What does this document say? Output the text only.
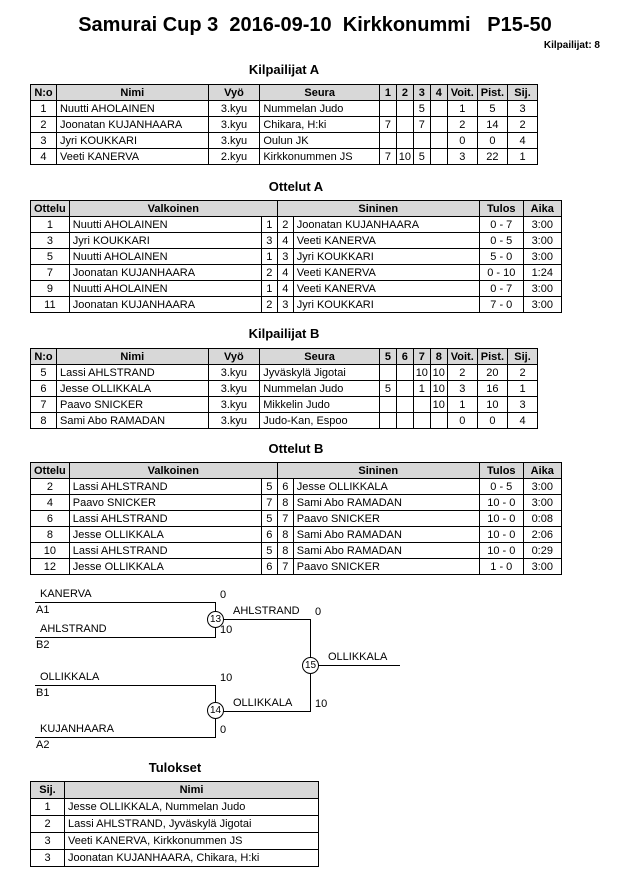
Samurai Cup 3  2016-09-10  Kirkkonummi   P15-50
Kilpailijat: 8
Kilpailijat A
N:o	Nimi	Vyö	Seura	1	2	3	4	Voit.	Pist.	Sij.
1	Nuutti AHOLAINEN	3.kyu	Nummelan Judo			5		1	5	3
2	Joonatan KUJANHAARA	3.kyu	Chikara, H:ki	7		7		2	14	2
3	Jyri KOUKKARI	3.kyu	Oulun JK					0	0	4
4	Veeti KANERVA	2.kyu	Kirkkonummen JS	7	10	5		3	22	1
Ottelut A
Ottelu	Valkoinen		Sininen		Tulos	Aika
1	Nuutti AHOLAINEN	1	2	Joonatan KUJANHAARA	0 - 7	3:00
3	Jyri KOUKKARI	3	4	Veeti KANERVA	0 - 5	3:00
5	Nuutti AHOLAINEN	1	3	Jyri KOUKKARI	5 - 0	3:00
7	Joonatan KUJANHAARA	2	4	Veeti KANERVA	0 - 10	1:24
9	Nuutti AHOLAINEN	1	4	Veeti KANERVA	0 - 7	3:00
11	Joonatan KUJANHAARA	2	3	Jyri KOUKKARI	7 - 0	3:00
Kilpailijat B
N:o	Nimi	Vyö	Seura	5	6	7	8	Voit.	Pist.	Sij.
5	Lassi AHLSTRAND	3.kyu	Jyväskylä Jigotai			10	10	2	20	2
6	Jesse OLLIKKALA	3.kyu	Nummelan Judo	5		1	10	3	16	1
7	Paavo SNICKER	3.kyu	Mikkelin Judo				10	1	10	3
8	Sami Abo RAMADAN	3.kyu	Judo-Kan, Espoo					0	0	4
Ottelut B
Ottelu	Valkoinen		Sininen		Tulos	Aika
2	Lassi AHLSTRAND	5	6	Jesse OLLIKKALA	0 - 5	3:00
4	Paavo SNICKER	7	8	Sami Abo RAMADAN	10 - 0	3:00
6	Lassi AHLSTRAND	5	7	Paavo SNICKER	10 - 0	0:08
8	Jesse OLLIKKALA	6	8	Sami Abo RAMADAN	10 - 0	2:06
10	Lassi AHLSTRAND	5	8	Sami Abo RAMADAN	10 - 0	0:29
12	Jesse OLLIKKALA	6	7	Paavo SNICKER	1 - 0	3:00
KANERVA
A1
0
AHLSTRAND
B2
10
AHLSTRAND
13
OLLIKKALA
B1
10
KUJANHAARA
A2
0
OLLIKKALA
14
0
10
OLLIKKALA
15
Tulokset
Sij.	Nimi
1	Jesse OLLIKKALA, Nummelan Judo
2	Lassi AHLSTRAND, Jyväskylä Jigotai
3	Veeti KANERVA, Kirkkonummen JS
3	Joonatan KUJANHAARA, Chikara, H:ki
